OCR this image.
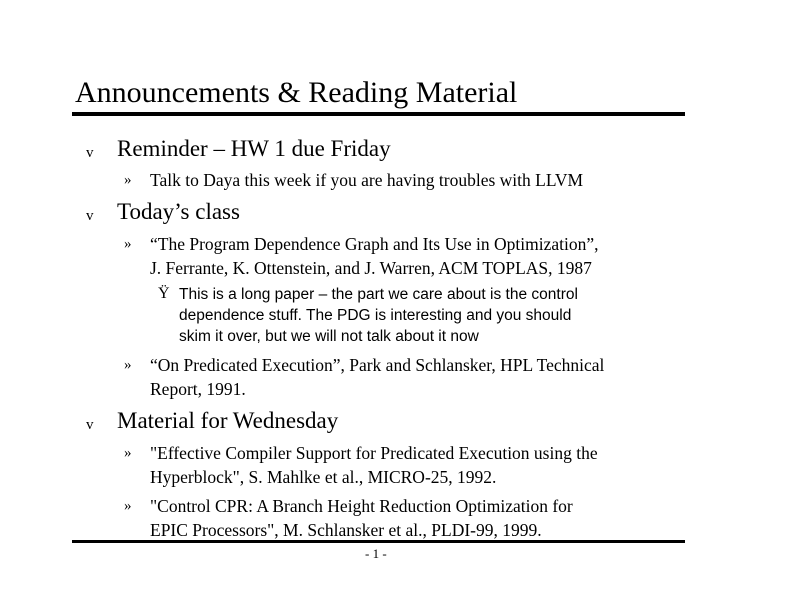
Announcements & Reading Material
v Reminder – HW 1 due Friday
» Talk to Daya this week if you are having troubles with LLVM
v Today’s class
» “The Program Dependence Graph and Its Use in Optimization”,
J. Ferrante, K. Ottenstein, and J. Warren, ACM TOPLAS, 1987
Ÿ This is a long paper – the part we care about is the control
dependence stuff. The PDG is interesting and you should
skim it over, but we will not talk about it now
» “On Predicated Execution”, Park and Schlansker, HPL Technical
Report, 1991.
v Material for Wednesday
» "Effective Compiler Support for Predicated Execution using the
Hyperblock", S. Mahlke et al., MICRO-25, 1992.
» "Control CPR: A Branch Height Reduction Optimization for
EPIC Processors", M. Schlansker et al., PLDI-99, 1999.
- 1 -
